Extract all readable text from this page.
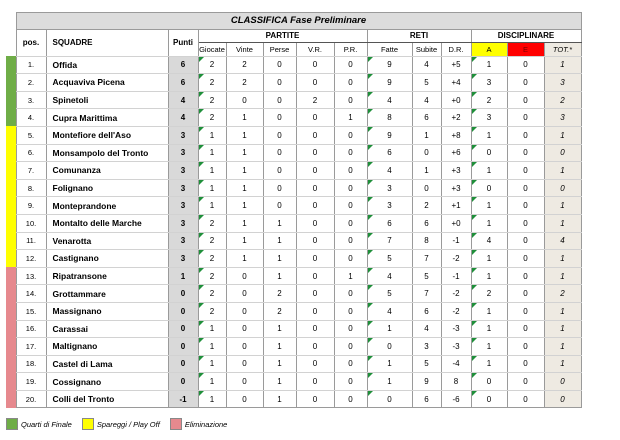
	CLASSIFICA Fase Preliminare													
	pos.	SQUADRE	Punti	PARTITE					RETI			DISCIPLINARE		
				Giocate	Vinte	Perse	V.R.	P.R.	Fatte	Subite	D.R.	A	E	TOT.*
	1.	Offida	6	2	2	0	0	0	9	4	+5	1	0	1
	2.	Acquaviva Picena	6	2	2	0	0	0	9	5	+4	3	0	3
	3.	Spinetoli	4	2	0	0	2	0	4	4	+0	2	0	2
	4.	Cupra Marittima	4	2	1	0	0	1	8	6	+2	3	0	3
	5.	Montefiore dell'Aso	3	1	1	0	0	0	9	1	+8	1	0	1
	6.	Monsampolo del Tronto	3	1	1	0	0	0	6	0	+6	0	0	0
	7.	Comunanza	3	1	1	0	0	0	4	1	+3	1	0	1
	8.	Folignano	3	1	1	0	0	0	3	0	+3	0	0	0
	9.	Monteprandone	3	1	1	0	0	0	3	2	+1	1	0	1
	10.	Montalto delle Marche	3	2	1	1	0	0	6	6	+0	1	0	1
	11.	Venarotta	3	2	1	1	0	0	7	8	-1	4	0	4
	12.	Castignano	3	2	1	1	0	0	5	7	-2	1	0	1
	13.	Ripatransone	1	2	0	1	0	1	4	5	-1	1	0	1
	14.	Grottammare	0	2	0	2	0	0	5	7	-2	2	0	2
	15.	Massignano	0	2	0	2	0	0	4	6	-2	1	0	1
	16.	Carassai	0	1	0	1	0	0	1	4	-3	1	0	1
	17.	Maltignano	0	1	0	1	0	0	0	3	-3	1	0	1
	18.	Castel di Lama	0	1	0	1	0	0	1	5	-4	1	0	1
	19.	Cossignano	0	1	0	1	0	0	1	9	8	0	0	0
	20.	Colli del Tronto	-1	1	0	1	0	0	0	6	-6	0	0	0
Quarti di Finale	Spareggi / Play Off	Eliminazione
